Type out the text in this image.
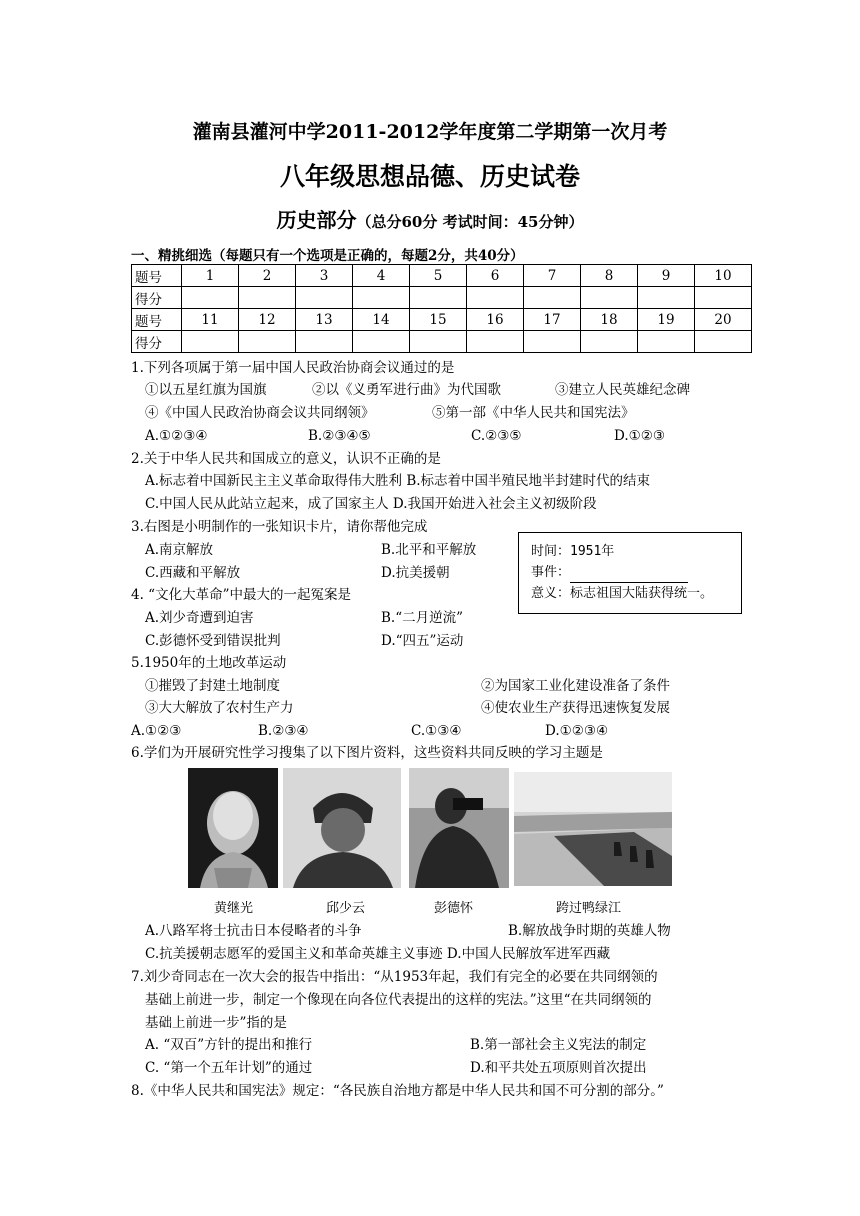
灌南县灌河中学2011-2012学年度第二学期第一次月考
八年级思想品德、历史试卷
历史部分（总分60分 考试时间：45分钟）
一、精挑细选（每题只有一个选项是正确的，每题2分，共40分）
题号	1	2	3	4	5	6	7	8	9	10
得分										
题号	11	12	13	14	15	16	17	18	19	20
得分										
1.下列各项属于第一届中国人民政治协商会议通过的是
①以五星红旗为国旗	②以《义勇军进行曲》为代国歌	③建立人民英雄纪念碑
④《中国人民政治协商会议共同纲领》	⑤第一部《中华人民共和国宪法》
A.①②③④	B.②③④⑤	C.②③⑤	D.①②③
2.关于中华人民共和国成立的意义，认识不正确的是
A.标志着中国新民主主义革命取得伟大胜利 B.标志着中国半殖民地半封建时代的结束
C.中国人民从此站立起来，成了国家主人 D.我国开始进入社会主义初级阶段
3.右图是小明制作的一张知识卡片，请你帮他完成
A.南京解放	B.北平和平解放
C.西藏和平解放	D.抗美援朝
时间：1951年
事件：
意义：标志祖国大陆获得统一。
4. “文化大革命”中最大的一起冤案是
A.刘少奇遭到迫害	B.“二月逆流”
C.彭德怀受到错误批判	D.“四五”运动
5.1950年的土地改革运动
①摧毁了封建土地制度	②为国家工业化建设准备了条件
③大大解放了农村生产力	④使农业生产获得迅速恢复发展
A.①②③	B.②③④	C.①③④	D.①②③④
6.学们为开展研究性学习搜集了以下图片资料，这些资料共同反映的学习主题是
黄继光	邱少云	彭德怀	跨过鸭绿江
A.八路军将士抗击日本侵略者的斗争	B.解放战争时期的英雄人物
C.抗美援朝志愿军的爱国主义和革命英雄主义事迹 D.中国人民解放军进军西藏
7.刘少奇同志在一次大会的报告中指出：“从1953年起，我们有完全的必要在共同纲领的
基础上前进一步，制定一个像现在向各位代表提出的这样的宪法。”这里“在共同纲领的
基础上前进一步”指的是
A. “双百”方针的提出和推行	B.第一部社会主义宪法的制定
C. “第一个五年计划”的通过	D.和平共处五项原则首次提出
8.《中华人民共和国宪法》规定：“各民族自治地方都是中华人民共和国不可分割的部分。”
